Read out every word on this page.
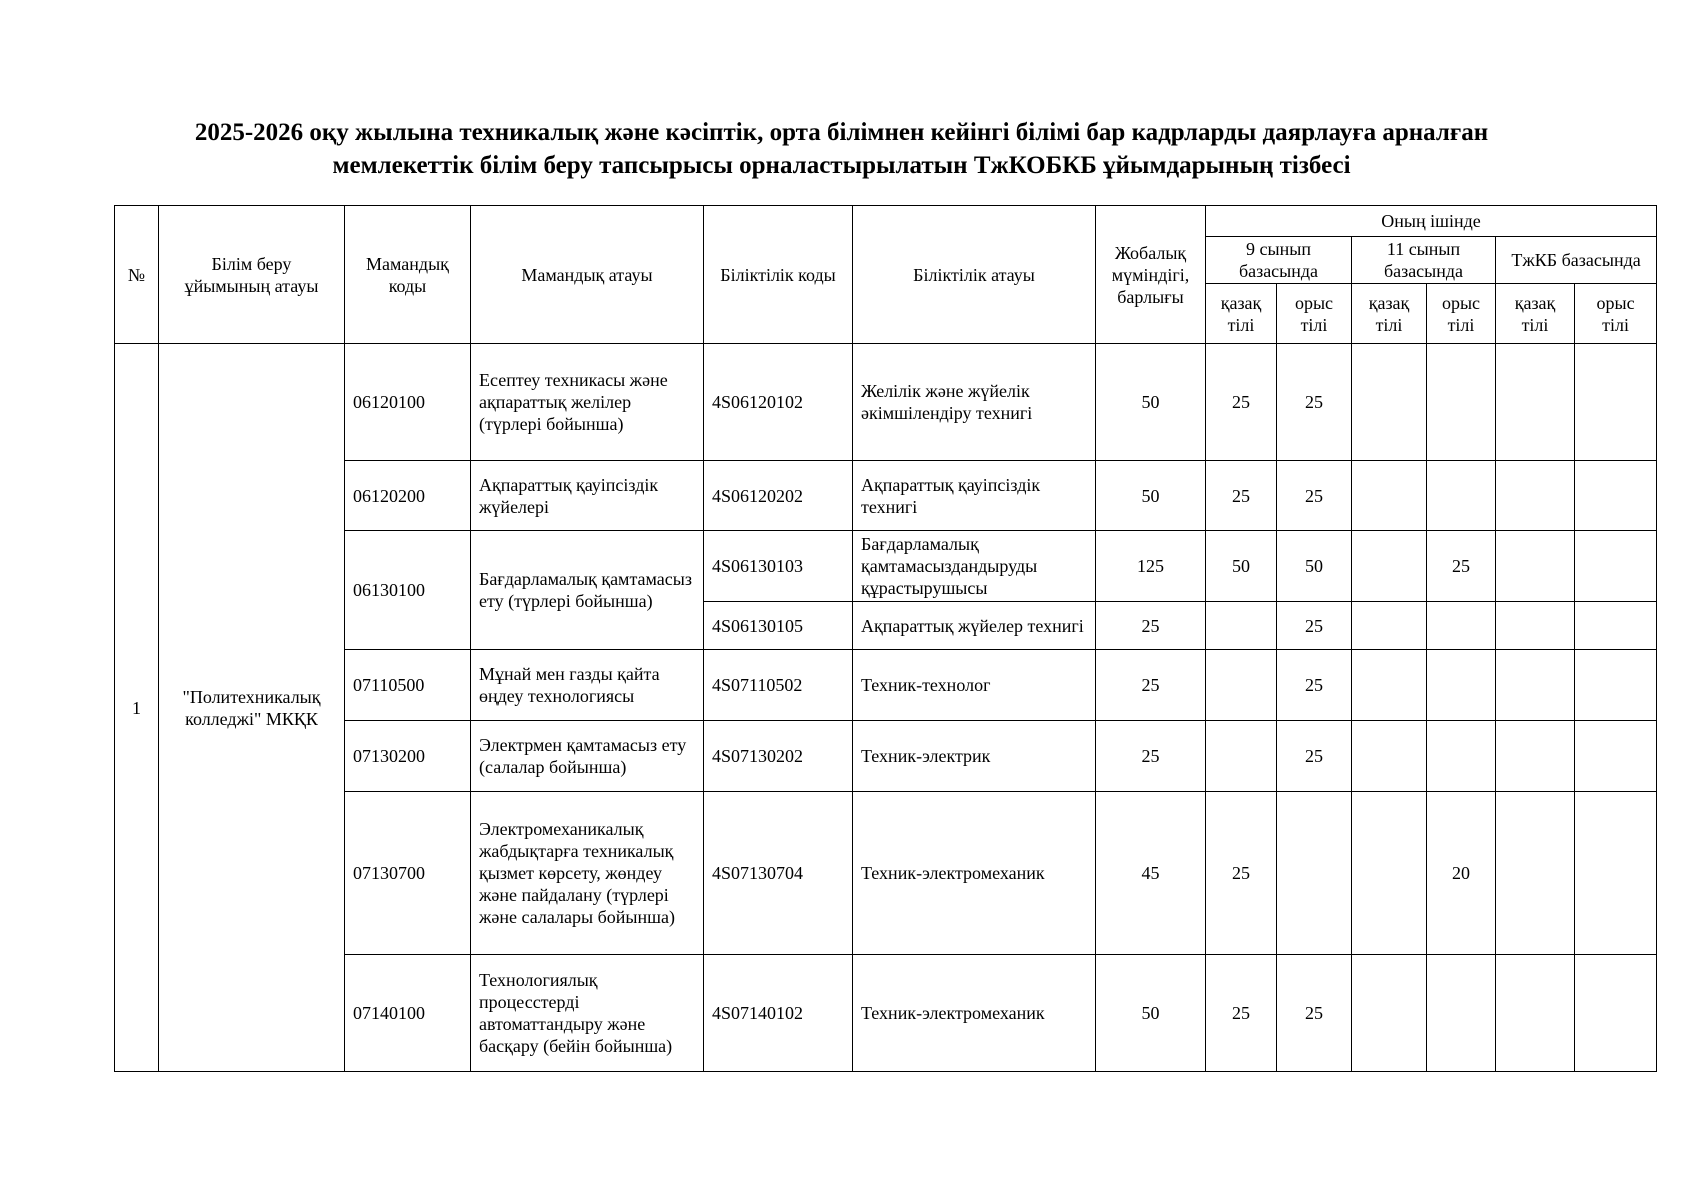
2025-2026 оқу жылына техникалық және кәсіптік, орта білімнен кейінгі білімі бар кадрларды даярлауға арналған
мемлекеттік білім беру тапсырысы орналастырылатын ТжКОБКБ ұйымдарының тізбесі
№	Білім беру ұйымының атауы	Мамандық коды	Мамандық атауы	Біліктілік коды	Біліктілік атауы	Жобалық мүміндігі, барлығы	Оның ішінде					
							9 сынып базасында		11 сынып базасында		ТжКБ базасында	
							қазақ тілі	орыс тілі	қазақ тілі	орыс тілі	қазақ тілі	орыс тілі
1	"Политехникалық колледжі" МКҚК	06120100	Есептеу техникасы және ақпараттық желілер (түрлері бойынша)	4S06120102	Желілік және жүйелік әкімшілендіру технигі	50	25	25				
		06120200	Ақпараттық қауіпсіздік жүйелері	4S06120202	Ақпараттық қауіпсіздік технигі	50	25	25				
		06130100	Бағдарламалық қамтамасыз ету (түрлері бойынша)	4S06130103	Бағдарламалық қамтамасыздандыруды құрастырушысы	125	50	50		25		
				4S06130105	Ақпараттық жүйелер технигі	25		25				
		07110500	Мұнай мен газды қайта өңдеу технологиясы	4S07110502	Техник-технолог	25		25				
		07130200	Электрмен қамтамасыз ету (салалар бойынша)	4S07130202	Техник-электрик	25		25				
		07130700	Электромеханикалық жабдықтарға техникалық қызмет көрсету, жөндеу және пайдалану (түрлері және салалары бойынша)	4S07130704	Техник-электромеханик	45	25			20		
		07140100	Технологиялық процесстерді автоматтандыру және басқару (бейін бойынша)	4S07140102	Техник-электромеханик	50	25	25				
